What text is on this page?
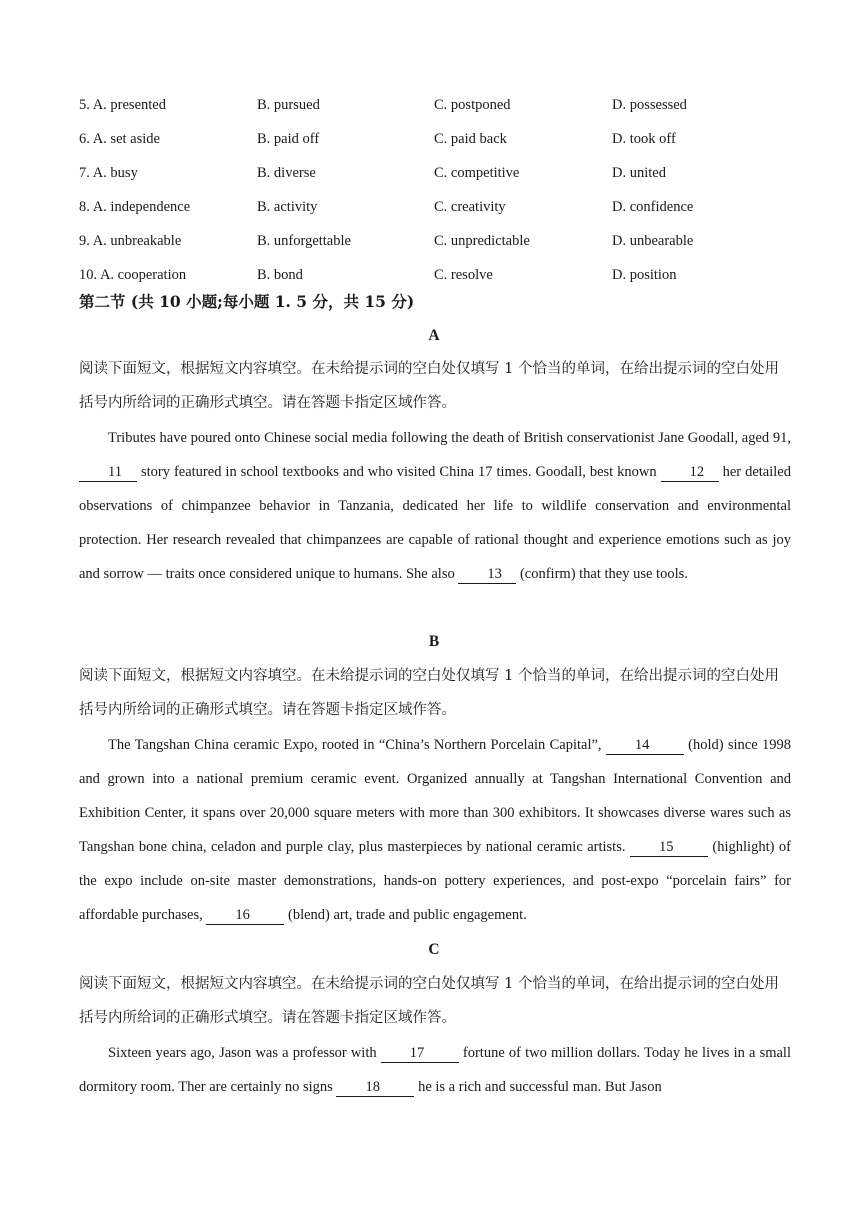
5. A. presented	B. pursued	C. postponed	D. possessed
6. A. set aside	B. paid off	C. paid back	D. took off
7. A. busy	B. diverse	C. competitive	D. united
8. A. independence	B. activity	C. creativity	D. confidence
9. A. unbreakable	B. unforgettable	C. unpredictable	D. unbearable
10. A. cooperation	B. bond	C. resolve	D. position
第二节 (共 10 小题;每小题 1. 5 分，共 15 分)
A
阅读下面短文，根据短文内容填空。在未给提示词的空白处仅填写 1 个恰当的单词，在给出提示词的空白处用括号内所给词的正确形式填空。请在答题卡指定区域作答。
Tributes have poured onto Chinese social media following the death of British conservationist Jane Goodall, aged 91, 11 story featured in school textbooks and who visited China 17 times. Goodall, best known 12 her detailed observations of chimpanzee behavior in Tanzania, dedicated her life to wildlife conservation and environmental protection. Her research revealed that chimpanzees are capable of rational thought and experience emotions such as joy and sorrow — traits once considered unique to humans. She also 13 (confirm) that they use tools.
B
阅读下面短文，根据短文内容填空。在未给提示词的空白处仅填写 1 个恰当的单词，在给出提示词的空白处用括号内所给词的正确形式填空。请在答题卡指定区域作答。
The Tangshan China ceramic Expo, rooted in “China’s Northern Porcelain Capital”, 14 (hold) since 1998 and grown into a national premium ceramic event. Organized annually at Tangshan International Convention and Exhibition Center, it spans over 20,000 square meters with more than 300 exhibitors. It showcases diverse wares such as Tangshan bone china, celadon and purple clay, plus masterpieces by national ceramic artists. 15 (highlight) of the expo include on-site master demonstrations, hands-on pottery experiences, and post-expo “porcelain fairs” for affordable purchases, 16 (blend) art, trade and public engagement.
C
阅读下面短文，根据短文内容填空。在未给提示词的空白处仅填写 1 个恰当的单词，在给出提示词的空白处用括号内所给词的正确形式填空。请在答题卡指定区域作答。
Sixteen years ago, Jason was a professor with 17 fortune of two million dollars. Today he lives in a small dormitory room. Ther are certainly no signs 18 he is a rich and successful man. But Jason
